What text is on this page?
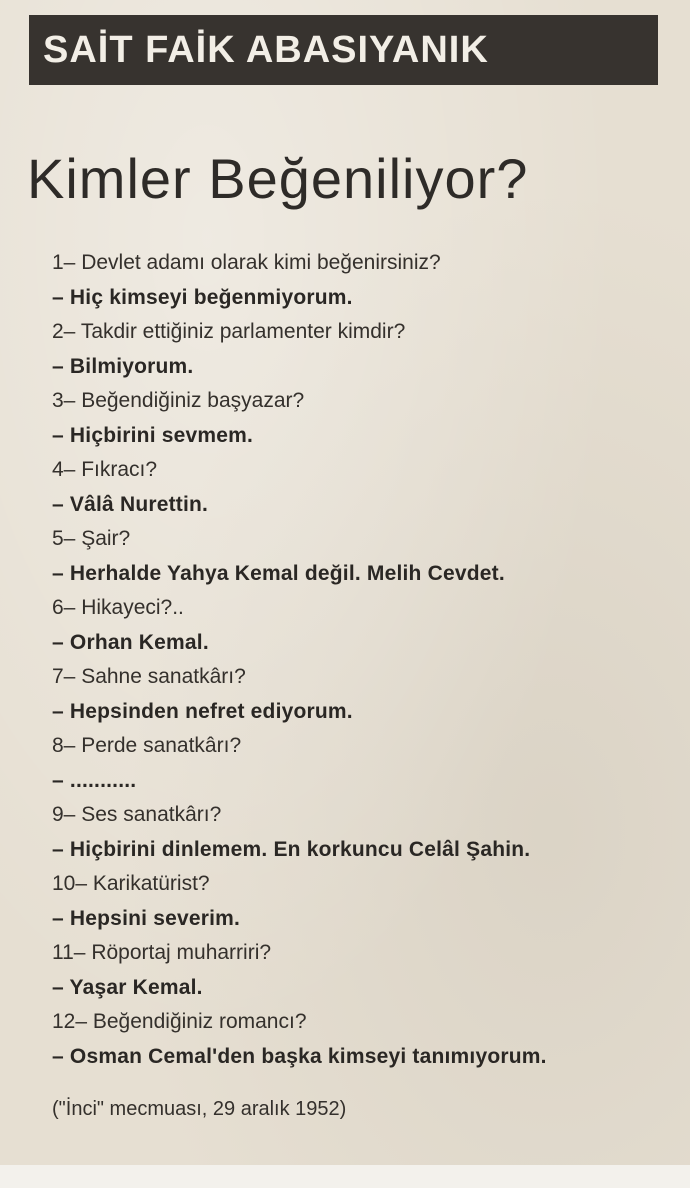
SAİT FAİK ABASIYANIK
Kimler Beğeniliyor?
1– Devlet adamı olarak kimi beğenirsiniz?
– Hiç kimseyi beğenmiyorum.
2– Takdir ettiğiniz parlamenter kimdir?
– Bilmiyorum.
3– Beğendiğiniz başyazar?
– Hiçbirini sevmem.
4– Fıkracı?
– Vâlâ Nurettin.
5– Şair?
– Herhalde Yahya Kemal değil. Melih Cevdet.
6– Hikayeci?..
– Orhan Kemal.
7– Sahne sanatkârı?
– Hepsinden nefret ediyorum.
8– Perde sanatkârı?
– ...........
9– Ses sanatkârı?
– Hiçbirini dinlemem. En korkuncu Celâl Şahin.
10– Karikatürist?
– Hepsini severim.
11– Röportaj muharriri?
– Yaşar Kemal.
12– Beğendiğiniz romancı?
– Osman Cemal'den başka kimseyi tanımıyorum.
("İnci" mecmuası, 29 aralık 1952)
